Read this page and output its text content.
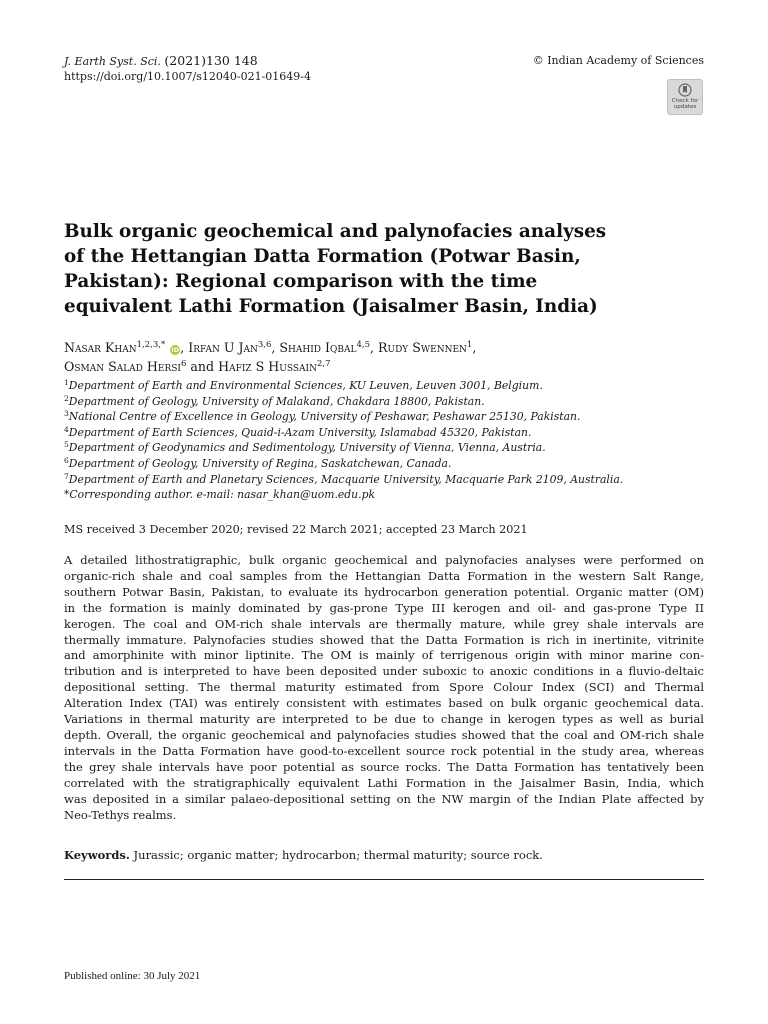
J. Earth Syst. Sci. (2021)130 148
https://doi.org/10.1007/s12040-021-01649-4
© Indian Academy of Sciences
Check for
updates
Bulk organic geochemical and palynofacies analyses
of the Hettangian Datta Formation (Potwar Basin,
Pakistan): Regional comparison with the time
equivalent Lathi Formation (Jaisalmer Basin, India)
Nasar Khan$^{1,2,3,*}$ iD, Irfan U Jan$^{3,6}$, Shahid Iqbal$^{4,5}$, Rudy Swennen$^1$,
Osman Salad Hersi$^6$ and Hafiz S Hussain$^{2,7}$
$^1$Department of Earth and Environmental Sciences, KU Leuven, Leuven 3001, Belgium.
$^2$Department of Geology, University of Malakand, Chakdara 18800, Pakistan.
$^3$National Centre of Excellence in Geology, University of Peshawar, Peshawar 25130, Pakistan.
$^4$Department of Earth Sciences, Quaid-i-Azam University, Islamabad 45320, Pakistan.
$^5$Department of Geodynamics and Sedimentology, University of Vienna, Vienna, Austria.
$^6$Department of Geology, University of Regina, Saskatchewan, Canada.
$^7$Department of Earth and Planetary Sciences, Macquarie University, Macquarie Park 2109, Australia.
*Corresponding author. e-mail: nasar_khan@uom.edu.pk
MS received 3 December 2020; revised 22 March 2021; accepted 23 March 2021
A detailed lithostratigraphic, bulk organic geochemical and palynofacies analyses were performed on
organic-rich shale and coal samples from the Hettangian Datta Formation in the western Salt Range,
southern Potwar Basin, Pakistan, to evaluate its hydrocarbon generation potential. Organic matter (OM)
in the formation is mainly dominated by gas-prone Type III kerogen and oil- and gas-prone Type II
kerogen. The coal and OM-rich shale intervals are thermally mature, while grey shale intervals are
thermally immature. Palynofacies studies showed that the Datta Formation is rich in inertinite, vitrinite
and amorphinite with minor liptinite. The OM is mainly of terrigenous origin with minor marine con-
tribution and is interpreted to have been deposited under suboxic to anoxic conditions in a fluvio-deltaic
depositional setting. The thermal maturity estimated from Spore Colour Index (SCI) and Thermal
Alteration Index (TAI) was entirely consistent with estimates based on bulk organic geochemical data.
Variations in thermal maturity are interpreted to be due to change in kerogen types as well as burial
depth. Overall, the organic geochemical and palynofacies studies showed that the coal and OM-rich shale
intervals in the Datta Formation have good-to-excellent source rock potential in the study area, whereas
the grey shale intervals have poor potential as source rocks. The Datta Formation has tentatively been
correlated with the stratigraphically equivalent Lathi Formation in the Jaisalmer Basin, India, which
was deposited in a similar palaeo-depositional setting on the NW margin of the Indian Plate affected by
Neo-Tethys realms.
Keywords. Jurassic; organic matter; hydrocarbon; thermal maturity; source rock.
Published online: 30 July 2021
